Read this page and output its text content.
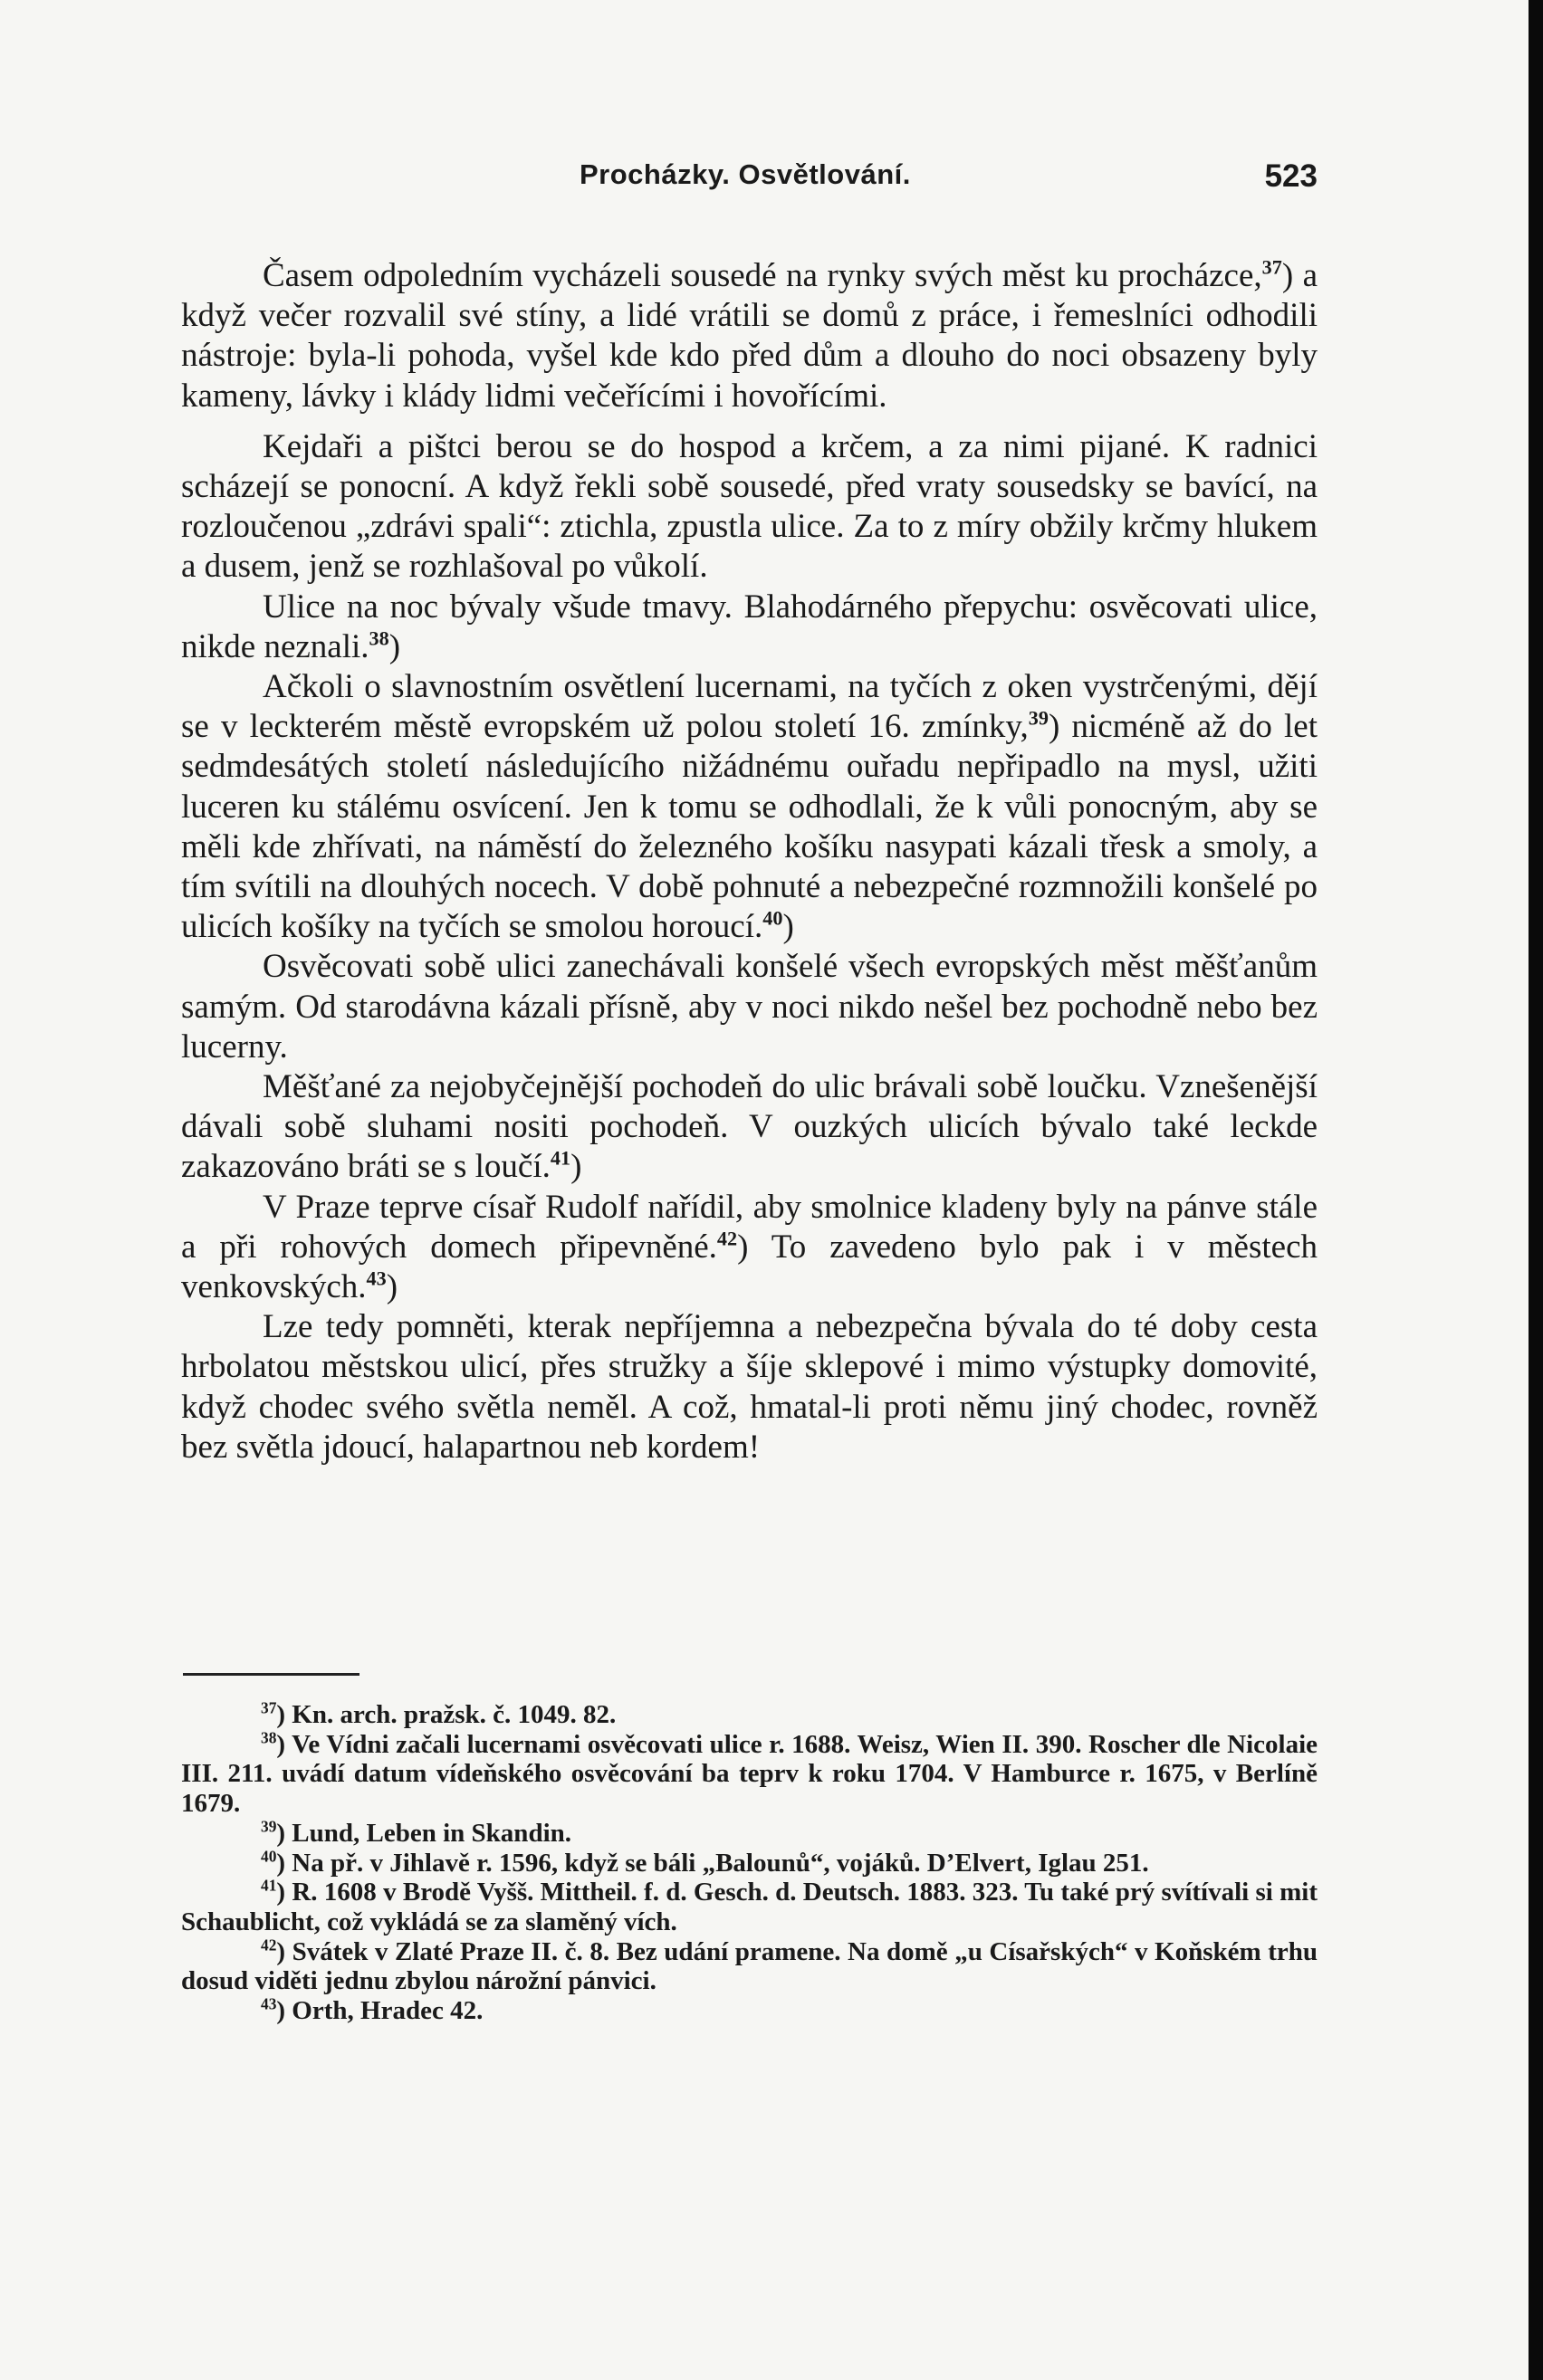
Procházky. Osvětlování.	523

Časem odpoledním vycházeli sousedé na rynky svých měst ku procházce,$^{37}$) a když večer rozvalil své stíny, a lidé vrátili se domů z práce, i řemeslníci odhodili nástroje: byla-li pohoda, vyšel kde kdo před dům a dlouho do noci obsazeny byly kameny, lávky i klády lidmi večeřícími i hovořícími.

Kejdaři a pištci berou se do hospod a krčem, a za nimi pijané. K radnici scházejí se ponocní. A když řekli sobě sousedé, před vraty sousedsky se bavící, na rozloučenou „zdrávi spali“: ztichla, zpustla ulice. Za to z míry obžily krčmy hlukem a dusem, jenž se rozhlašoval po vůkolí.

Ulice na noc bývaly všude tmavy. Blahodárného přepychu: osvěcovati ulice, nikde neznali.$^{38}$)

Ačkoli o slavnostním osvětlení lucernami, na tyčích z oken vystrčenými, dějí se v leckterém městě evropském už polou století 16. zmínky,$^{39}$) nicméně až do let sedmdesátých století následujícího nižádnému ouřadu nepřipadlo na mysl, užiti luceren ku stálému osvícení. Jen k tomu se odhodlali, že k vůli ponocným, aby se měli kde zhřívati, na náměstí do železného košíku nasypati kázali třesk a smoly, a tím svítili na dlouhých nocech. V době pohnuté a nebezpečné rozmnožili konšelé po ulicích košíky na tyčích se smolou horoucí.$^{40}$)

Osvěcovati sobě ulici zanechávali konšelé všech evropských měst měšťanům samým. Od starodávna kázali přísně, aby v noci nikdo nešel bez pochodně nebo bez lucerny.

Měšťané za nejobyčejnější pochodeň do ulic brávali sobě loučku. Vznešenější dávali sobě sluhami nositi pochodeň. V ouzkých ulicích bývalo také leckde zakazováno bráti se s loučí.$^{41}$)

V Praze teprve císař Rudolf nařídil, aby smolnice kladeny byly na pánve stále a při rohových domech připevněné.$^{42}$) To zavedeno bylo pak i v městech venkovských.$^{43}$)

Lze tedy pomněti, kterak nepříjemna a nebezpečna bývala do té doby cesta hrbolatou městskou ulicí, přes stružky a šíje sklepové i mimo výstupky domovité, když chodec svého světla neměl. A což, hmatal-li proti němu jiný chodec, rovněž bez světla jdoucí, halapartnou neb kordem!

$^{37}$) Kn. arch. pražsk. č. 1049. 82.

$^{38}$) Ve Vídni začali lucernami osvěcovati ulice r. 1688. Weisz, Wien II. 390. Roscher dle Nicolaie III. 211. uvádí datum vídeňského osvěcování ba teprv k roku 1704. V Hamburce r. 1675, v Berlíně 1679.

$^{39}$) Lund, Leben in Skandin.

$^{40}$) Na př. v Jihlavě r. 1596, když se báli „Balounů“, vojáků. D’Elvert, Iglau 251.

$^{41}$) R. 1608 v Brodě Vyšš. Mittheil. f. d. Gesch. d. Deutsch. 1883. 323. Tu také prý svítívali si mit Schaublicht, což vykládá se za slaměný vích.

$^{42}$) Svátek v Zlaté Praze II. č. 8. Bez udání pramene. Na domě „u Císařských“ v Koňském trhu dosud viděti jednu zbylou nárožní pánvici.

$^{43}$) Orth, Hradec 42.
